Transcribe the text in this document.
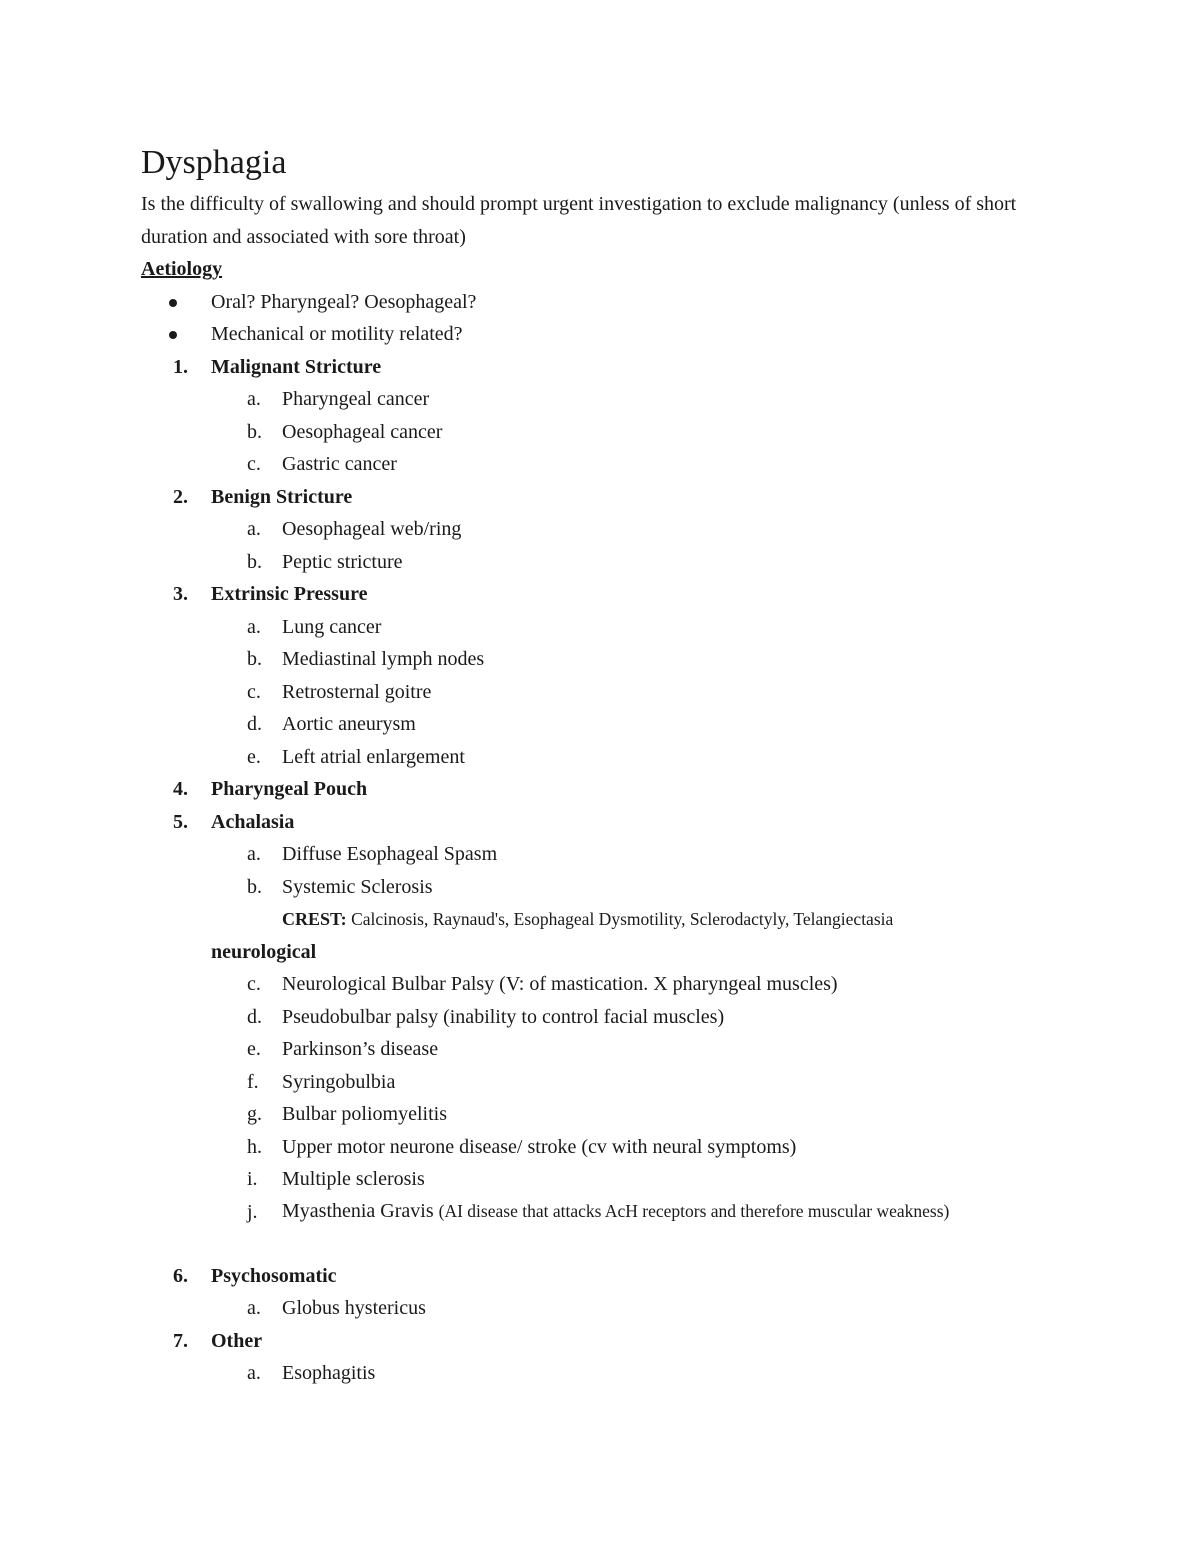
Dysphagia

Is the difficulty of swallowing and should prompt urgent investigation to exclude malignancy (unless of short duration and associated with sore throat)

Aetiology
Oral? Pharyngeal? Oesophageal?
Mechanical or motility related?
1. Malignant Stricture
a. Pharyngeal cancer
b. Oesophageal cancer
c. Gastric cancer
2. Benign Stricture
a. Oesophageal web/ring
b. Peptic stricture
3. Extrinsic Pressure
a. Lung cancer
b. Mediastinal lymph nodes
c. Retrosternal goitre
d. Aortic aneurysm
e. Left atrial enlargement
4. Pharyngeal Pouch
5. Achalasia
a. Diffuse Esophageal Spasm
b. Systemic Sclerosis
CREST: Calcinosis, Raynaud's, Esophageal Dysmotility, Sclerodactyly, Telangiectasia
neurological
c. Neurological Bulbar Palsy (V: of mastication. X pharyngeal muscles)
d. Pseudobulbar palsy (inability to control facial muscles)
e. Parkinson’s disease
f. Syringobulbia
g. Bulbar poliomyelitis
h. Upper motor neurone disease/ stroke (cv with neural symptoms)
i. Multiple sclerosis
j. Myasthenia Gravis (AI disease that attacks AcH receptors and therefore muscular weakness)
6. Psychosomatic
a. Globus hystericus
7. Other
a. Esophagitis
